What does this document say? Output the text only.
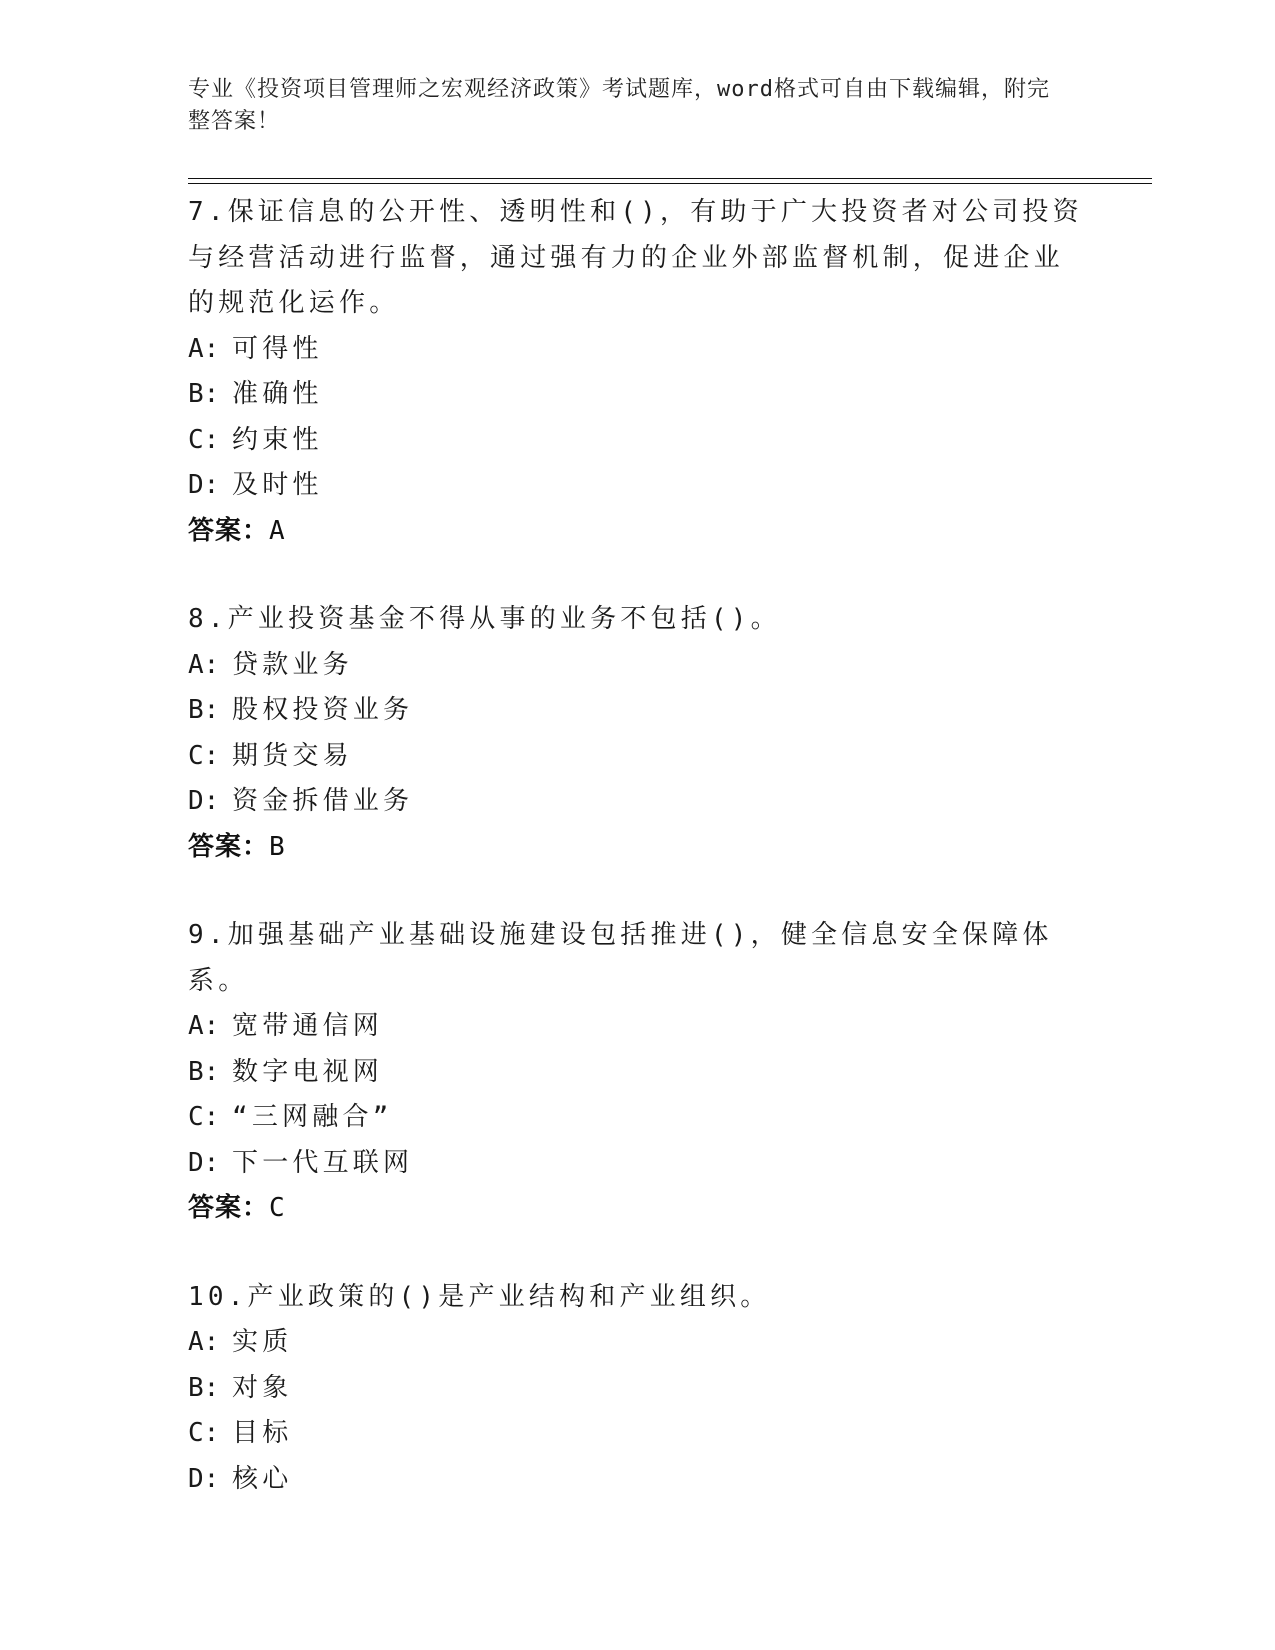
专业《投资项目管理师之宏观经济政策》考试题库，word格式可自由下载编辑，附完整答案！
7.保证信息的公开性、透明性和()，有助于广大投资者对公司投资与经营活动进行监督，通过强有力的企业外部监督机制，促进企业的规范化运作。
A: 可得性
B: 准确性
C: 约束性
D: 及时性
答案：A
8.产业投资基金不得从事的业务不包括()。
A: 贷款业务
B: 股权投资业务
C: 期货交易
D: 资金拆借业务
答案：B
9.加强基础产业基础设施建设包括推进()，健全信息安全保障体系。
A: 宽带通信网
B: 数字电视网
C: “三网融合”
D: 下一代互联网
答案：C
10.产业政策的()是产业结构和产业组织。
A: 实质
B: 对象
C: 目标
D: 核心
